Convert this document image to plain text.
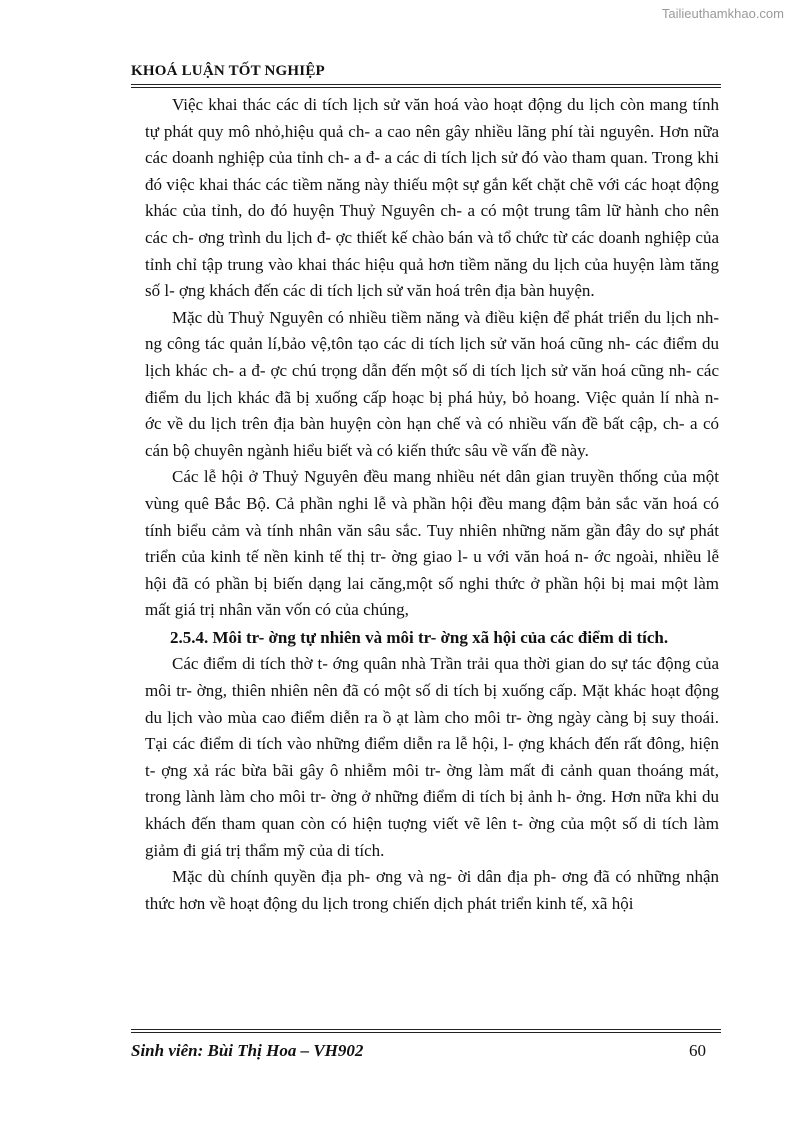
Tailieuthamkhao.com
KHOÁ LUẬN TỐT NGHIỆP

Việc khai thác các di tích lịch sử văn hoá vào hoạt động du lịch còn mang tính tự phát quy mô nhỏ,hiệu quả ch- a cao nên gây nhiều lãng phí tài nguyên. Hơn nữa các doanh nghiệp của tỉnh ch- a đ- a các di tích lịch sử đó vào tham quan. Trong khi đó việc khai thác các tiềm năng này thiếu một sự gắn kết chặt chẽ với các hoạt động khác của tỉnh, do đó huyện Thuỷ Nguyên ch- a có một trung tâm lữ hành cho nên các ch- ơng trình du lịch đ- ợc thiết kế chào bán và tổ chức từ các doanh nghiệp của tỉnh chỉ tập trung vào khai thác hiệu quả hơn tiềm năng du lịch của huyện làm tăng số l- ợng khách đến các di tích lịch sử văn hoá trên địa bàn huyện.

Mặc dù Thuỷ Nguyên có nhiều tiềm năng và điều kiện để phát triển du lịch nh- ng công tác quản lí,bảo vệ,tôn tạo các di tích lịch sử văn hoá cũng nh- các điểm du lịch khác ch- a đ- ợc chú trọng dẫn đến một số di tích lịch sử văn hoá cũng nh- các điểm du lịch khác đã bị xuống cấp hoạc bị phá hủy, bỏ hoang. Việc quản lí nhà n- ớc về du lịch trên địa bàn huyện còn hạn chế và có nhiều vấn đề bất cập, ch- a có cán bộ chuyên ngành hiểu biết và có kiến thức sâu về vấn đề này.

Các lễ hội ở Thuỷ Nguyên đều mang nhiều nét dân gian truyền thống của một vùng quê Bắc Bộ. Cả phần nghi lễ và phần hội đều mang đậm bản sắc văn hoá có tính biểu cảm và tính nhân văn sâu sắc. Tuy nhiên những năm gần đây do sự phát triển của kinh tế nền kinh tế thị tr- ờng giao l- u với văn hoá n- ớc ngoài, nhiều lễ hội đã có phần bị biến dạng lai căng,một số nghi thức ở phần hội bị mai một làm mất giá trị nhân văn vốn có của chúng,

2.5.4. Môi tr- ờng tự nhiên và môi tr- ờng xã hội của các điểm di tích.

Các điểm di tích thờ t- ớng quân nhà Trần trải qua thời gian do sự tác động của môi tr- ờng, thiên nhiên nên đã có một số di tích bị xuống cấp. Mặt khác hoạt động du lịch vào mùa cao điểm diễn ra ồ ạt làm cho môi tr- ờng ngày càng bị suy thoái. Tại các điểm di tích vào những điểm diễn ra lễ hội, l- ợng khách đến rất đông, hiện t- ợng xả rác bừa bãi gây ô nhiễm môi tr- ờng làm mất đi cảnh quan thoáng mát, trong lành làm cho môi tr- ờng ở những điểm di tích bị ảnh h- ởng. Hơn nữa khi du khách đến tham quan còn có hiện tuợng viết vẽ lên t- ờng của một số di tích làm giảm đi giá trị thẩm mỹ của di tích.

Mặc dù chính quyền địa ph- ơng và ng- ời dân địa ph- ơng đã có những nhận thức hơn về hoạt động du lịch trong chiến dịch phát triển kinh tế, xã hội

Sinh viên: Bùi Thị Hoa – VH902	60
